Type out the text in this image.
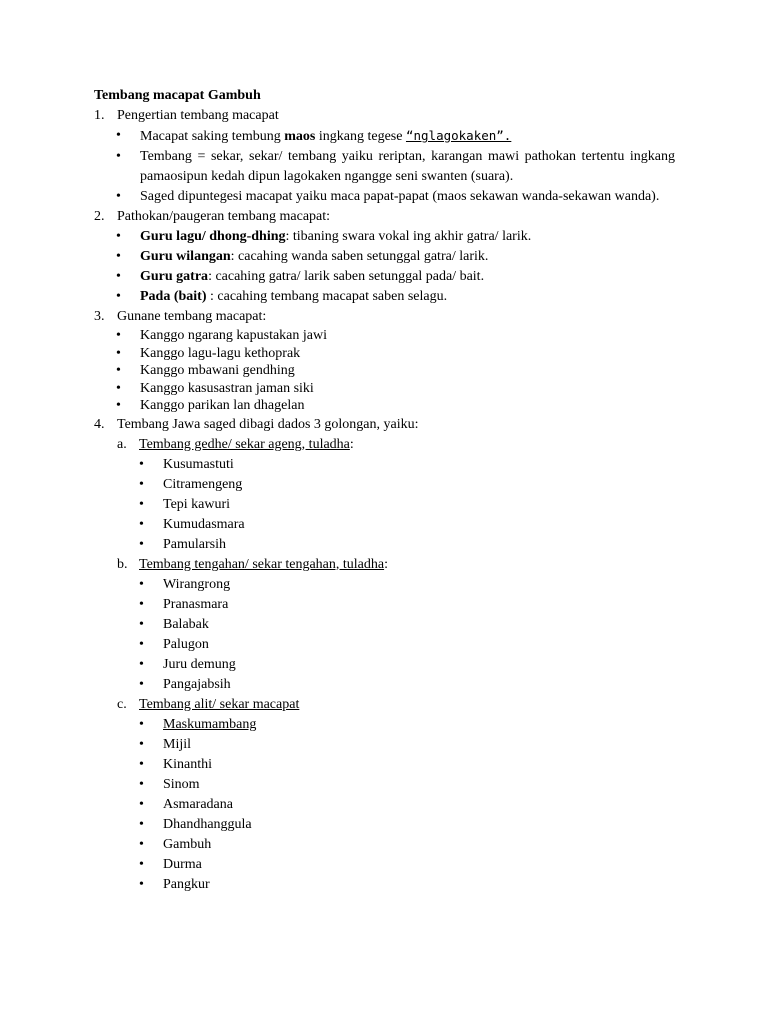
Tembang macapat Gambuh
1. Pengertian tembang macapat
• Macapat saking tembung maos ingkang tegese “nglagokaken”.
• Tembang = sekar, sekar/ tembang yaiku reriptan, karangan mawi pathokan tertentu ingkang pamaosipun kedah dipun lagokaken ngangge seni swanten (suara).
• Saged dipuntegesi macapat yaiku maca papat-papat (maos sekawan wanda-sekawan wanda).
2. Pathokan/paugeran tembang macapat:
• Guru lagu/ dhong-dhing: tibaning swara vokal ing akhir gatra/ larik.
• Guru wilangan: cacahing wanda saben setunggal gatra/ larik.
• Guru gatra: cacahing gatra/ larik saben setunggal pada/ bait.
• Pada (bait) : cacahing tembang macapat saben selagu.
3. Gunane tembang macapat:
• Kanggo ngarang kapustakan jawi
• Kanggo lagu-lagu kethoprak
• Kanggo mbawani gendhing
• Kanggo kasusastran jaman siki
• Kanggo parikan lan dhagelan
4. Tembang Jawa saged dibagi dados 3 golongan, yaiku:
a. Tembang gedhe/ sekar ageng, tuladha :
• Kusumastuti
• Citramengeng
• Tepi kawuri
• Kumudasmara
• Pamularsih
b. Tembang tengahan/ sekar tengahan, tuladha :
• Wirangrong
• Pranasmara
• Balabak
• Palugon
• Juru demung
• Pangajabsih
c. Tembang alit/ sekar macapat
• Maskumambang
• Mijil
• Kinanthi
• Sinom
• Asmaradana
• Dhandhanggula
• Gambuh
• Durma
• Pangkur
